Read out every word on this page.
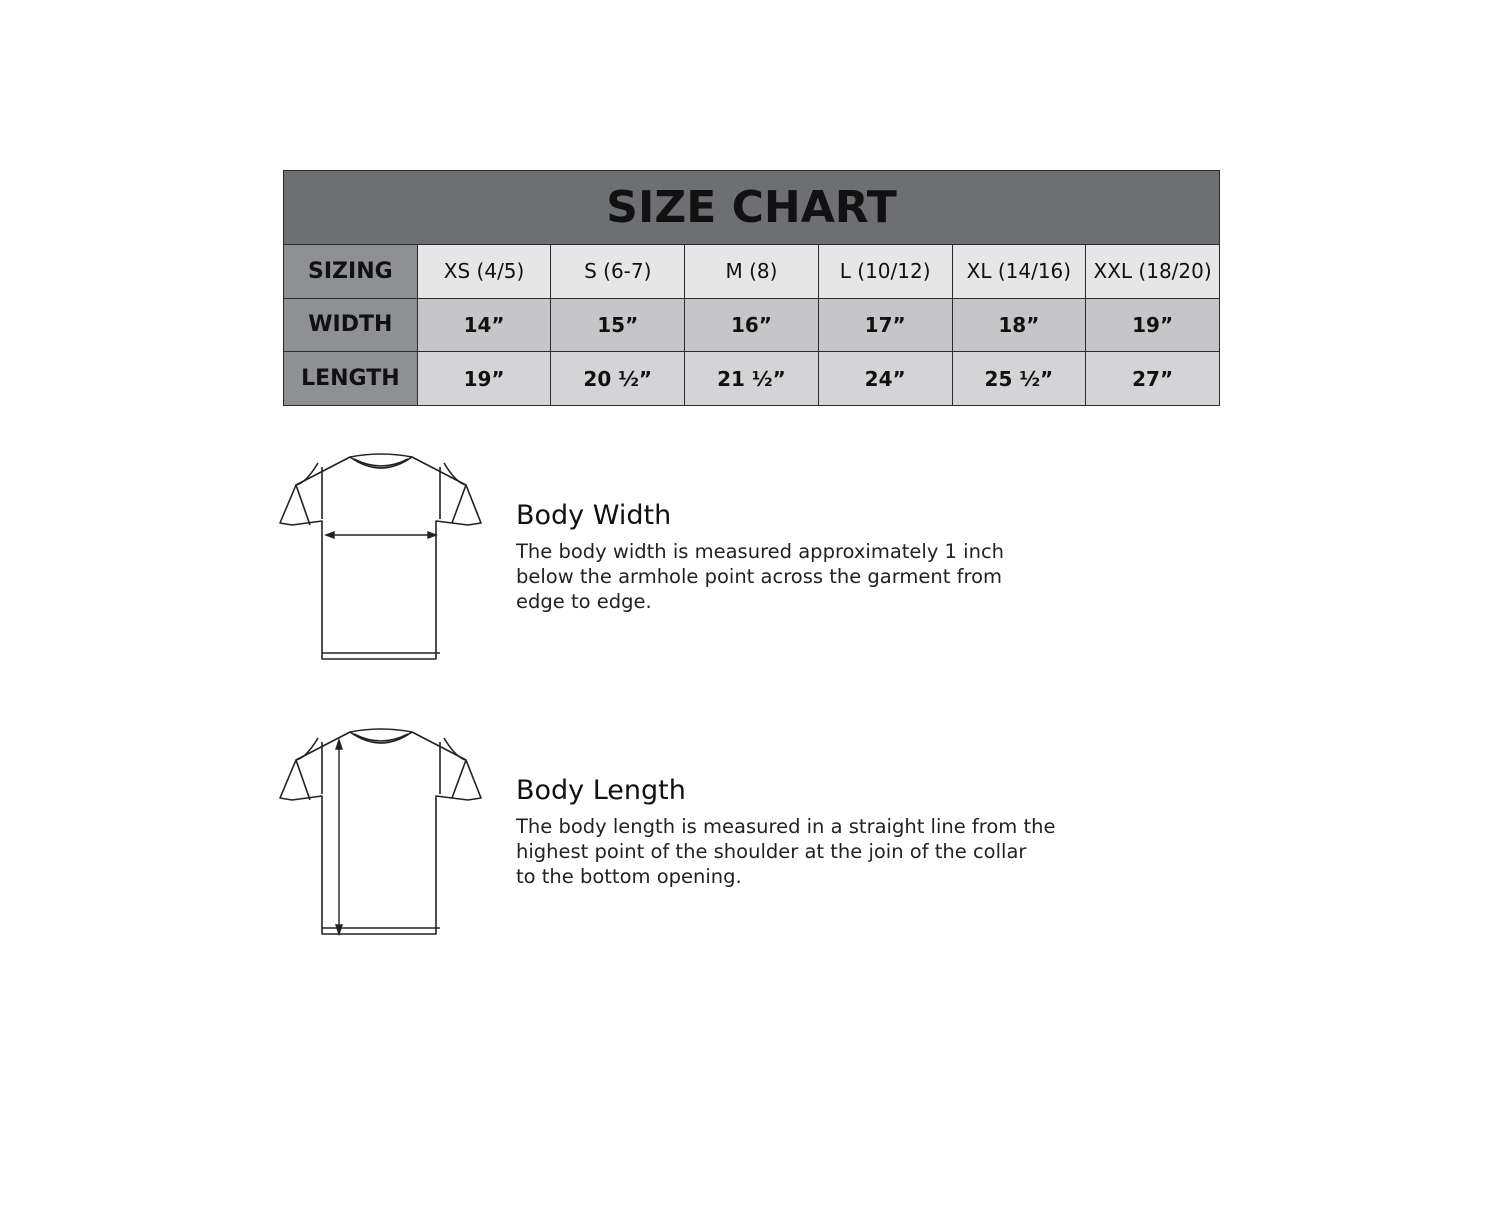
SIZE CHART						
SIZING	XS (4/5)	S (6-7)	M (8)	L (10/12)	XL (14/16)	XXL (18/20)
WIDTH	14”	15”	16”	17”	18”	19”
LENGTH	19”	20 ½”	21 ½”	24”	25 ½”	27”
Body Width
The body width is measured approximately 1 inch
below the armhole point across the garment from
edge to edge.
Body Length
The body length is measured in a straight line from the
highest point of the shoulder at the join of the collar
to the bottom opening.
